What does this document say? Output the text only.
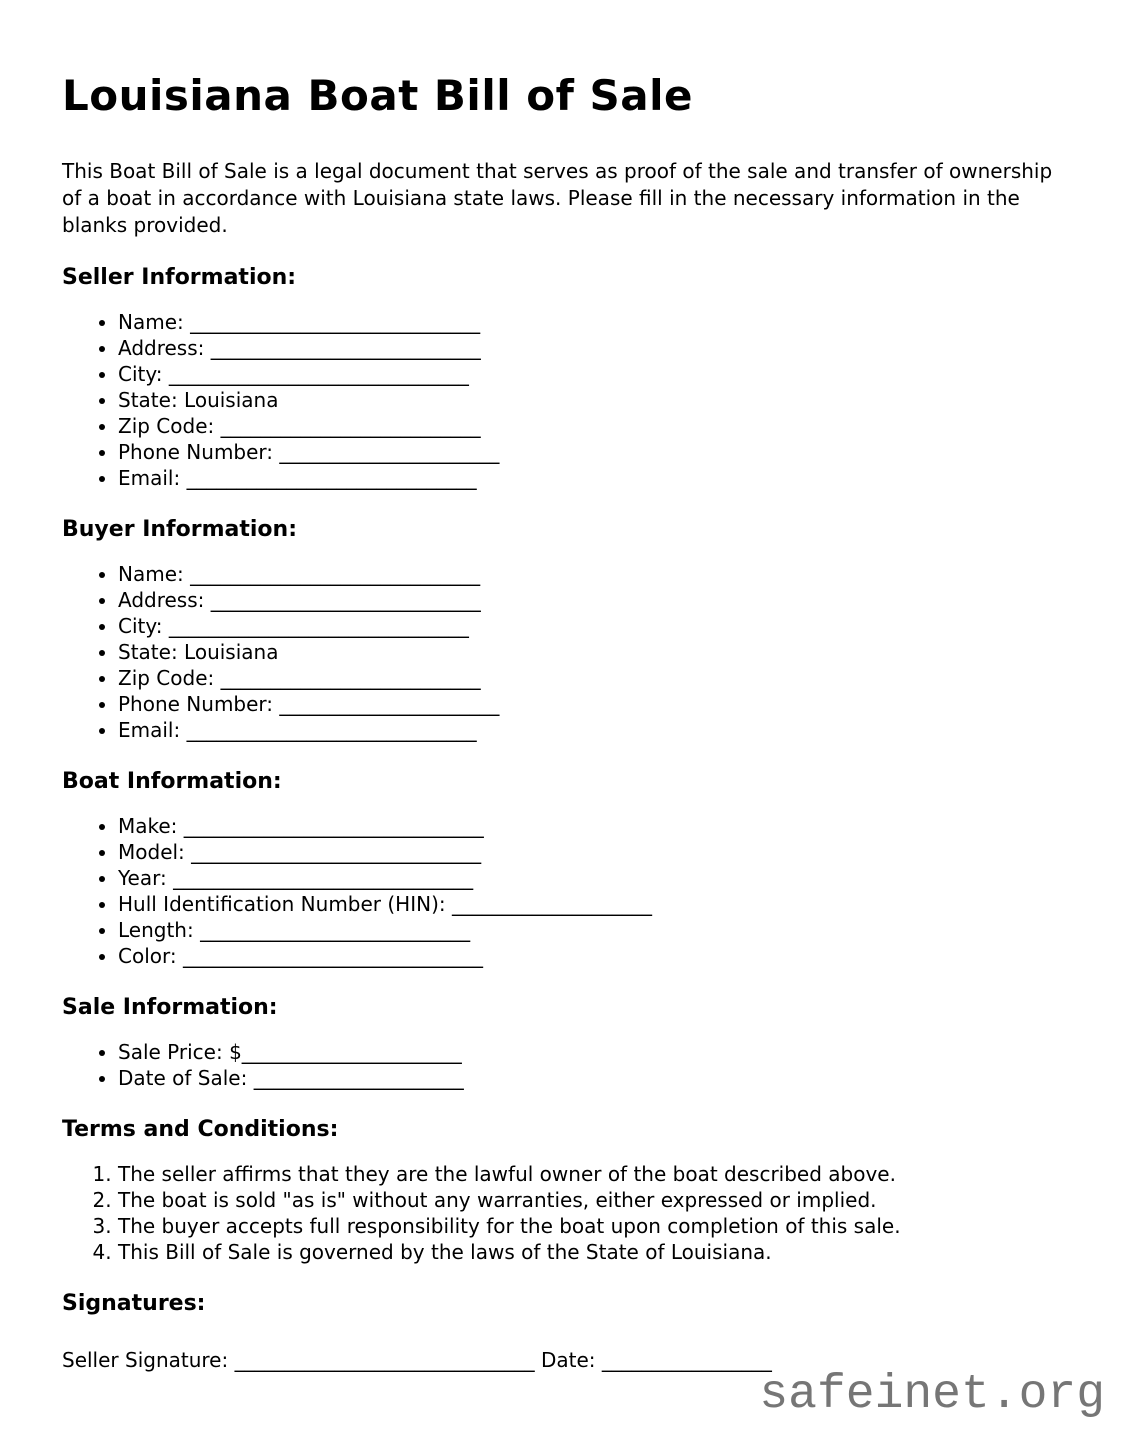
Louisiana Boat Bill of Sale

This Boat Bill of Sale is a legal document that serves as proof of the sale and transfer of ownership of a boat in accordance with Louisiana state laws. Please fill in the necessary information in the blanks provided.

Seller Information:
• Name: _____________________________
• Address: ___________________________
• City: ______________________________
• State: Louisiana
• Zip Code: __________________________
• Phone Number: ______________________
• Email: _____________________________
Buyer Information:
• Name: _____________________________
• Address: ___________________________
• City: ______________________________
• State: Louisiana
• Zip Code: __________________________
• Phone Number: ______________________
• Email: _____________________________
Boat Information:
• Make: ______________________________
• Model: _____________________________
• Year: ______________________________
• Hull Identification Number (HIN): ____________________
• Length: ___________________________
• Color: ______________________________
Sale Information:
• Sale Price: $______________________
• Date of Sale: _____________________
Terms and Conditions:
1. The seller affirms that they are the lawful owner of the boat described above.
2. The boat is sold "as is" without any warranties, either expressed or implied.
3. The buyer accepts full responsibility for the boat upon completion of this sale.
4. This Bill of Sale is governed by the laws of the State of Louisiana.
Signatures:

Seller Signature: ______________________________ Date: _________________

safeinet.org
